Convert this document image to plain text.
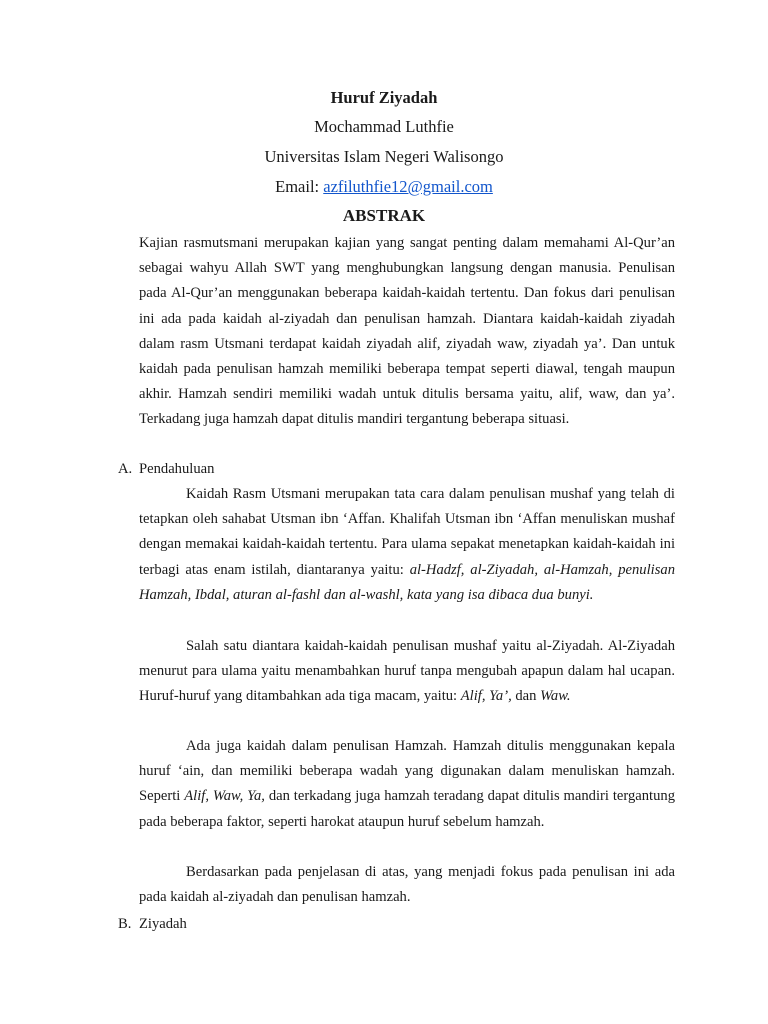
Huruf Ziyadah
Mochammad Luthfie
Universitas Islam Negeri Walisongo
Email: azfiluthfie12@gmail.com
ABSTRAK

Kajian rasmutsmani merupakan kajian yang sangat penting dalam memahami Al-Qur’an sebagai wahyu Allah SWT yang menghubungkan langsung dengan manusia. Penulisan pada Al-Qur’an menggunakan beberapa kaidah-kaidah tertentu. Dan fokus dari penulisan ini ada pada kaidah al-ziyadah dan penulisan hamzah. Diantara kaidah-kaidah ziyadah dalam rasm Utsmani terdapat kaidah ziyadah alif, ziyadah waw, ziyadah ya’. Dan untuk kaidah pada penulisan hamzah memiliki beberapa tempat seperti diawal, tengah maupun akhir. Hamzah sendiri memiliki wadah untuk ditulis bersama yaitu, alif, waw, dan ya’. Terkadang juga hamzah dapat ditulis mandiri tergantung beberapa situasi.

A. Pendahuluan

Kaidah Rasm Utsmani merupakan tata cara dalam penulisan mushaf yang telah di tetapkan oleh sahabat Utsman ibn ‘Affan. Khalifah Utsman ibn ‘Affan menuliskan mushaf dengan memakai kaidah-kaidah tertentu. Para ulama sepakat menetapkan kaidah-kaidah ini terbagi atas enam istilah, diantaranya yaitu: al-Hadzf, al-Ziyadah, al-Hamzah, penulisan Hamzah, Ibdal, aturan al-fashl dan al-washl, kata yang isa dibaca dua bunyi.

Salah satu diantara kaidah-kaidah penulisan mushaf yaitu al-Ziyadah. Al-Ziyadah menurut para ulama yaitu menambahkan huruf tanpa mengubah apapun dalam hal ucapan. Huruf-huruf yang ditambahkan ada tiga macam, yaitu: Alif, Ya’, dan Waw.

Ada juga kaidah dalam penulisan Hamzah. Hamzah ditulis menggunakan kepala huruf ‘ain, dan memiliki beberapa wadah yang digunakan dalam menuliskan hamzah. Seperti Alif, Waw, Ya, dan terkadang juga hamzah teradang dapat ditulis mandiri tergantung pada beberapa faktor, seperti harokat ataupun huruf sebelum hamzah.

Berdasarkan pada penjelasan di atas, yang menjadi fokus pada penulisan ini ada pada kaidah al-ziyadah dan penulisan hamzah.

B. Ziyadah
